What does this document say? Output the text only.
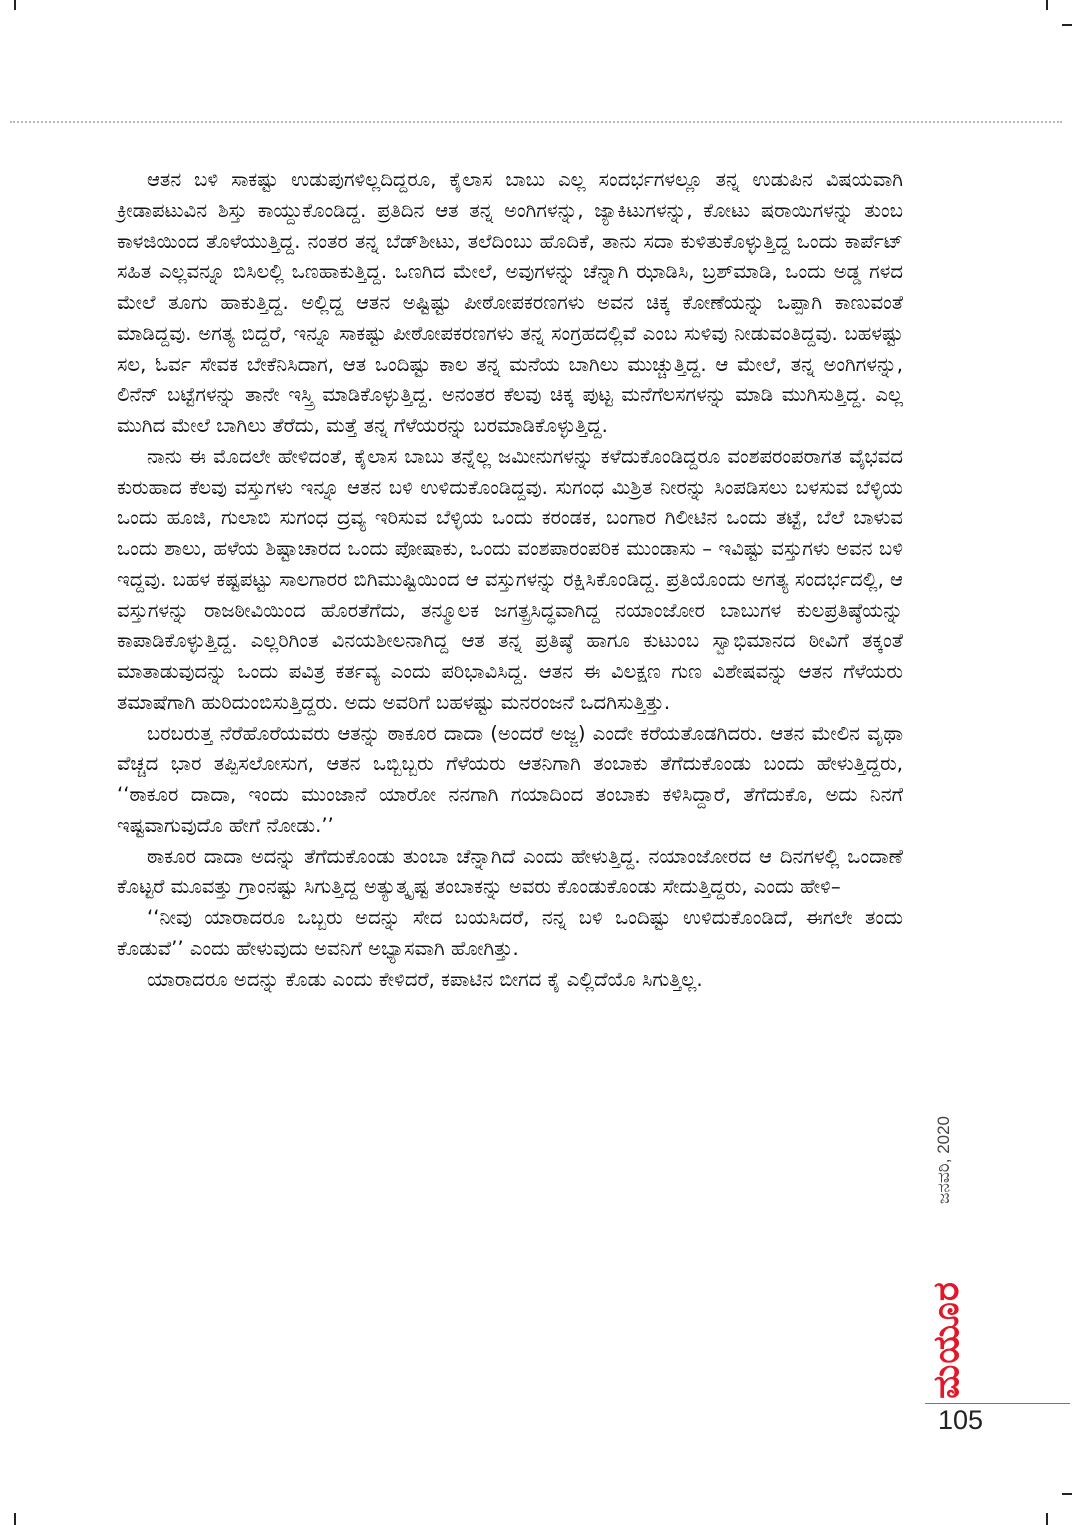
ಆತನ ಬಳಿ ಸಾಕಷ್ಟು ಉಡುಪುಗಳಿಲ್ಲದಿದ್ದರೂ, ಕೈಲಾಸ ಬಾಬು ಎಲ್ಲ ಸಂದರ್ಭಗಳಲ್ಲೂ ತನ್ನ ಉಡುಪಿನ ವಿಷಯವಾಗಿ ಕ್ರೀಡಾಪಟುವಿನ ಶಿಸ್ತು ಕಾಯ್ದುಕೊಂಡಿದ್ದ. ಪ್ರತಿದಿನ ಆತ ತನ್ನ ಅಂಗಿಗಳನ್ನು, ಜ್ಯಾಕಿಟುಗಳನ್ನು, ಕೋಟು ಷರಾಯಿಗಳನ್ನು ತುಂಬ ಕಾಳಜಿಯಿಂದ ತೊಳೆಯುತ್ತಿದ್ದ. ನಂತರ ತನ್ನ ಬೆಡ್‌ಶೀಟು, ತಲೆದಿಂಬು ಹೊದಿಕೆ, ತಾನು ಸದಾ ಕುಳಿತುಕೊಳ್ಳುತ್ತಿದ್ದ ಒಂದು ಕಾರ್ಪೆಟ್ ಸಹಿತ ಎಲ್ಲವನ್ನೂ ಬಿಸಿಲಲ್ಲಿ ಒಣಹಾಕುತ್ತಿದ್ದ. ಒಣಗಿದ ಮೇಲೆ, ಅವುಗಳನ್ನು ಚೆನ್ನಾಗಿ ಝಾಡಿಸಿ, ಬ್ರಶ್‌ಮಾಡಿ, ಒಂದು ಅಡ್ಡ ಗಳದ ಮೇಲೆ ತೂಗು ಹಾಕುತ್ತಿದ್ದ. ಅಲ್ಲಿದ್ದ ಆತನ ಅಷ್ಟಿಷ್ಟು ಪೀಠೋಪಕರಣಗಳು ಅವನ ಚಿಕ್ಕ ಕೋಣೆಯನ್ನು ಒಪ್ಪಾಗಿ ಕಾಣುವಂತೆ ಮಾಡಿದ್ದವು. ಅಗತ್ಯ ಬಿದ್ದರೆ, ಇನ್ನೂ ಸಾಕಷ್ಟು ಪೀಠೋಪಕರಣಗಳು ತನ್ನ ಸಂಗ್ರಹದಲ್ಲಿವೆ ಎಂಬ ಸುಳಿವು ನೀಡುವಂತಿದ್ದವು. ಬಹಳಷ್ಟು ಸಲ, ಓರ್ವ ಸೇವಕ ಬೇಕೆನಿಸಿದಾಗ, ಆತ ಒಂದಿಷ್ಟು ಕಾಲ ತನ್ನ ಮನೆಯ ಬಾಗಿಲು ಮುಚ್ಚುತ್ತಿದ್ದ. ಆ ಮೇಲೆ, ತನ್ನ ಅಂಗಿಗಳನ್ನು, ಲಿನೆನ್ ಬಟ್ಟೆಗಳನ್ನು ತಾನೇ ಇಸ್ತ್ರಿ ಮಾಡಿಕೊಳ್ಳುತ್ತಿದ್ದ. ಅನಂತರ ಕೆಲವು ಚಿಕ್ಕ ಪುಟ್ಟ ಮನೆಗೆಲಸಗಳನ್ನು ಮಾಡಿ ಮುಗಿಸುತ್ತಿದ್ದ. ಎಲ್ಲ ಮುಗಿದ ಮೇಲೆ ಬಾಗಿಲು ತೆರೆದು, ಮತ್ತೆ ತನ್ನ ಗೆಳೆಯರನ್ನು ಬರಮಾಡಿಕೊಳ್ಳುತ್ತಿದ್ದ.

ನಾನು ಈ ಮೊದಲೇ ಹೇಳಿದಂತೆ, ಕೈಲಾಸ ಬಾಬು ತನ್ನೆಲ್ಲ ಜಮೀನುಗಳನ್ನು ಕಳೆದುಕೊಂಡಿದ್ದರೂ ವಂಶಪರಂಪರಾಗತ ವೈಭವದ ಕುರುಹಾದ ಕೆಲವು ವಸ್ತುಗಳು ಇನ್ನೂ ಆತನ ಬಳಿ ಉಳಿದುಕೊಂಡಿದ್ದವು. ಸುಗಂಧ ಮಿಶ್ರಿತ ನೀರನ್ನು ಸಿಂಪಡಿಸಲು ಬಳಸುವ ಬೆಳ್ಳಿಯ ಒಂದು ಹೂಜಿ, ಗುಲಾಬಿ ಸುಗಂಧ ದ್ರವ್ಯ ಇರಿಸುವ ಬೆಳ್ಳಿಯ ಒಂದು ಕರಂಡಕ, ಬಂಗಾರ ಗಿಲೀಟಿನ ಒಂದು ತಟ್ಟೆ, ಬೆಲೆ ಬಾಳುವ ಒಂದು ಶಾಲು, ಹಳೆಯ ಶಿಷ್ಟಾಚಾರದ ಒಂದು ಪೋಷಾಕು, ಒಂದು ವಂಶಪಾರಂಪರಿಕ ಮುಂಡಾಸು – ಇವಿಷ್ಟು ವಸ್ತುಗಳು ಅವನ ಬಳಿ ಇದ್ದವು. ಬಹಳ ಕಷ್ಟಪಟ್ಟು ಸಾಲಗಾರರ ಬಿಗಿಮುಷ್ಟಿಯಿಂದ ಆ ವಸ್ತುಗಳನ್ನು ರಕ್ಷಿಸಿಕೊಂಡಿದ್ದ. ಪ್ರತಿಯೊಂದು ಅಗತ್ಯ ಸಂದರ್ಭದಲ್ಲಿ, ಆ ವಸ್ತುಗಳನ್ನು ರಾಜಠೀವಿಯಿಂದ ಹೊರತೆಗೆದು, ತನ್ಮೂಲಕ ಜಗತ್ಪ್ರಸಿದ್ಧವಾಗಿದ್ದ ನಯಾಂಜೋರ ಬಾಬುಗಳ ಕುಲಪ್ರತಿಷ್ಠೆಯನ್ನು ಕಾಪಾಡಿಕೊಳ್ಳುತ್ತಿದ್ದ. ಎಲ್ಲರಿಗಿಂತ ವಿನಯಶೀಲನಾಗಿದ್ದ ಆತ ತನ್ನ ಪ್ರತಿಷ್ಠೆ ಹಾಗೂ ಕುಟುಂಬ ಸ್ವಾಭಿಮಾನದ ಠೀವಿಗೆ ತಕ್ಕಂತೆ ಮಾತಾಡುವುದನ್ನು ಒಂದು ಪವಿತ್ರ ಕರ್ತವ್ಯ ಎಂದು ಪರಿಭಾವಿಸಿದ್ದ. ಆತನ ಈ ವಿಲಕ್ಷಣ ಗುಣ ವಿಶೇಷವನ್ನು ಆತನ ಗೆಳೆಯರು ತಮಾಷೆಗಾಗಿ ಹುರಿದುಂಬಿಸುತ್ತಿದ್ದರು. ಅದು ಅವರಿಗೆ ಬಹಳಷ್ಟು ಮನರಂಜನೆ ಒದಗಿಸುತ್ತಿತ್ತು.

ಬರಬರುತ್ತ ನೆರೆಹೊರೆಯವರು ಆತನ್ನು ಠಾಕೂರ ದಾದಾ (ಅಂದರೆ ಅಜ್ಜ) ಎಂದೇ ಕರೆಯತೊಡಗಿದರು. ಆತನ ಮೇಲಿನ ವೃಥಾ ವೆಚ್ಚದ ಭಾರ ತಪ್ಪಿಸಲೋಸುಗ, ಆತನ ಒಬ್ಬಿಬ್ಬರು ಗೆಳೆಯರು ಆತನಿಗಾಗಿ ತಂಬಾಕು ತೆಗೆದುಕೊಂಡು ಬಂದು ಹೇಳುತ್ತಿದ್ದರು, ‘‘ಠಾಕೂರ ದಾದಾ, ಇಂದು ಮುಂಜಾನೆ ಯಾರೋ ನನಗಾಗಿ ಗಯಾದಿಂದ ತಂಬಾಕು ಕಳಿಸಿದ್ದಾರೆ, ತೆಗೆದುಕೊ, ಅದು ನಿನಗೆ ಇಷ್ಟವಾಗುವುದೊ ಹೇಗೆ ನೋಡು.’’

ಠಾಕೂರ ದಾದಾ ಅದನ್ನು ತೆಗೆದುಕೊಂಡು ತುಂಬಾ ಚೆನ್ನಾಗಿದೆ ಎಂದು ಹೇಳುತ್ತಿದ್ದ. ನಯಾಂಜೋರದ ಆ ದಿನಗಳಲ್ಲಿ ಒಂದಾಣೆ ಕೊಟ್ಟರೆ ಮೂವತ್ತು ಗ್ರಾಂನಷ್ಟು ಸಿಗುತ್ತಿದ್ದ ಅತ್ಯುತ್ಕೃಷ್ಟ ತಂಬಾಕನ್ನು ಅವರು ಕೊಂಡುಕೊಂಡು ಸೇದುತ್ತಿದ್ದರು, ಎಂದು ಹೇಳಿ–

‘‘ನೀವು ಯಾರಾದರೂ ಒಬ್ಬರು ಅದನ್ನು ಸೇದ ಬಯಸಿದರೆ, ನನ್ನ ಬಳಿ ಒಂದಿಷ್ಟು ಉಳಿದುಕೊಂಡಿದೆ, ಈಗಲೇ ತಂದು ಕೊಡುವೆ’’ ಎಂದು ಹೇಳುವುದು ಅವನಿಗೆ ಅಭ್ಯಾಸವಾಗಿ ಹೋಗಿತ್ತು.

ಯಾರಾದರೂ ಅದನ್ನು ಕೊಡು ಎಂದು ಕೇಳಿದರೆ, ಕಪಾಟಿನ ಬೀಗದ ಕೈ ಎಲ್ಲಿದೆಯೊ ಸಿಗುತ್ತಿಲ್ಲ.

ಜನವರಿ, 2020
ಮಯೂರ
105
